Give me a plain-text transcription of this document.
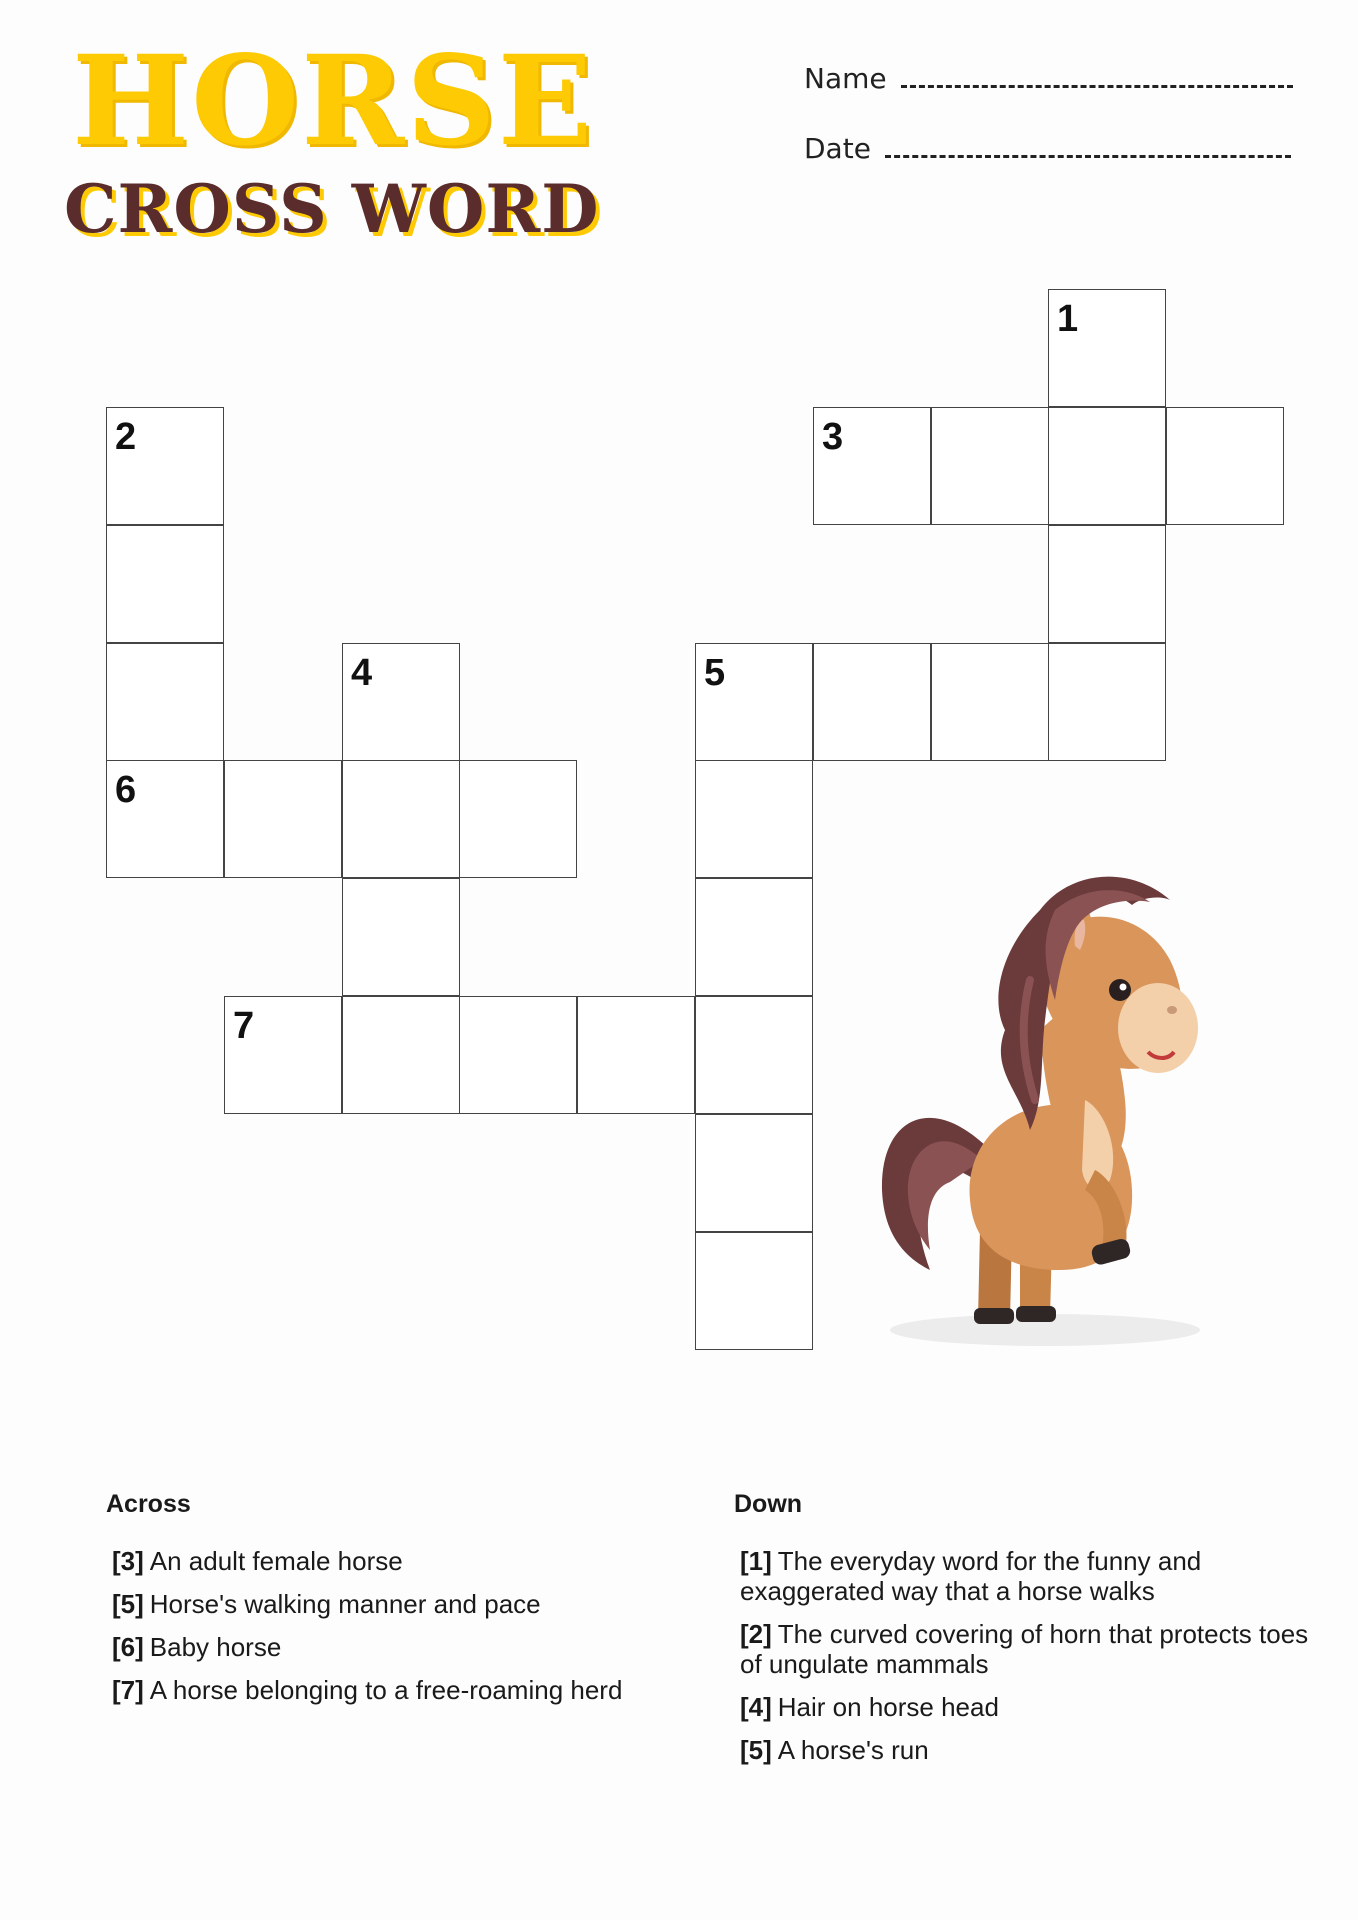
HORSE
CROSS WORD
Name
Date
1
2	3
4	5
6
7
Across	Down
[3] An adult female horse
[5] Horse's walking manner and pace
[6] Baby horse
[7] A horse belonging to a free-roaming herd
[1] The everyday word for the funny and exaggerated way that a horse walks
[2] The curved covering of horn that protects toes of ungulate mammals
[4] Hair on horse head
[5] A horse's run
